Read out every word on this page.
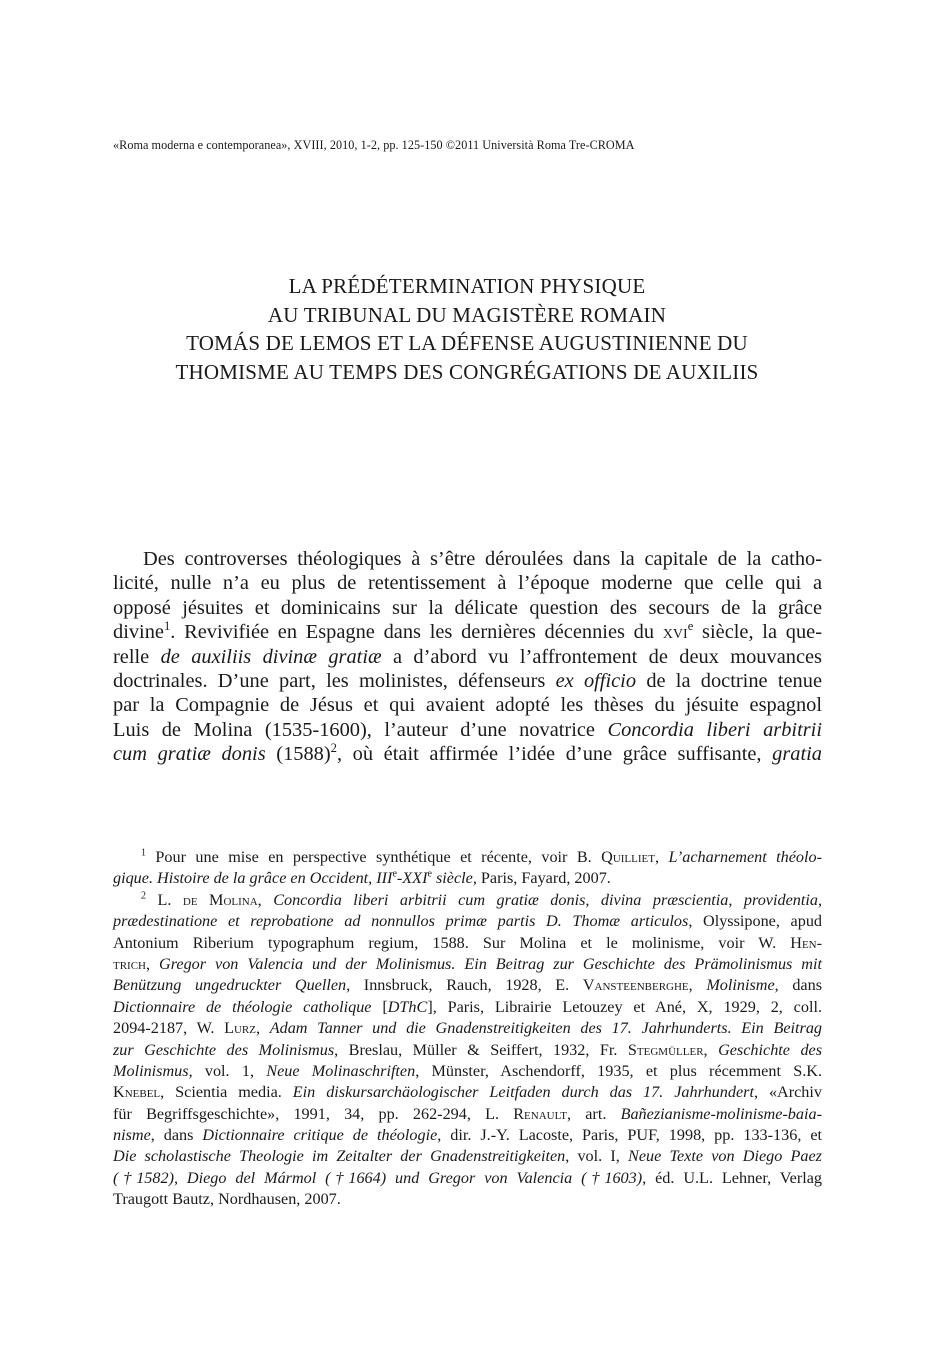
«Roma moderna e contemporanea», XVIII, 2010, 1-2, pp. 125-150 ©2011 Università Roma Tre-CROMA
LA PRÉDÉTERMINATION PHYSIQUE
AU TRIBUNAL DU MAGISTÈRE ROMAIN
TOMÁS DE LEMOS ET LA DÉFENSE AUGUSTINIENNE DU
THOMISME AU TEMPS DES CONGRÉGATIONS DE AUXILIIS
Des controverses théologiques à s’être déroulées dans la capitale de la catho-
licité, nulle n’a eu plus de retentissement à l’époque moderne que celle qui a
opposé jésuites et dominicains sur la délicate question des secours de la grâce
divine$^1$. Revivifiée en Espagne dans les dernières décennies du xvi$^e$ siècle, la que-
relle de auxiliis divinæ gratiæ a d’abord vu l’affrontement de deux mouvances
doctrinales. D’une part, les molinistes, défenseurs ex officio de la doctrine tenue
par la Compagnie de Jésus et qui avaient adopté les thèses du jésuite espagnol
Luis de Molina (1535-1600), l’auteur d’une novatrice Concordia liberi arbitrii
cum gratiæ donis $(1588)^2$, où était affirmée l’idée d’une grâce suffisante, gratia
$^1$ Pour une mise en perspective synthétique et récente, voir B. Quilliet, L’acharnement théolo-
gique. Histoire de la grâce en Occident, IIIe-XXIe siècle, Paris, Fayard, 2007.
$^2$ L. de Molina, Concordia liberi arbitrii cum gratiæ donis, divina præscientia, providentia,
prædestinatione et reprobatione ad nonnullos primæ partis D. Thomæ articulos, Olyssipone, apud
Antonium Riberium typographum regium, 1588. Sur Molina et le molinisme, voir W. Hen-
trich, Gregor von Valencia und der Molinismus. Ein Beitrag zur Geschichte des Prämolinismus mit
Benützung ungedruckter Quellen, Innsbruck, Rauch, 1928, E. Vansteenberghe, Molinisme, dans
Dictionnaire de théologie catholique [DThC], Paris, Librairie Letouzey et Ané, X, 1929, 2, coll.
2094-2187, W. Lurz, Adam Tanner und die Gnadenstreitigkeiten des 17. Jahrhunderts. Ein Beitrag
zur Geschichte des Molinismus, Breslau, Müller & Seiffert, 1932, Fr. Stegmüller, Geschichte des
Molinismus, vol. 1, Neue Molinaschriften, Münster, Aschendorff, 1935, et plus récemment S.K.
Knebel, Scientia media. Ein diskursarchäologischer Leitfaden durch das 17. Jahrhundert, «Archiv
für Begriffsgeschichte», 1991, 34, pp. 262-294, L. Renault, art. Bañezianisme-molinisme-baia-
nisme, dans Dictionnaire critique de théologie, dir. J.-Y. Lacoste, Paris, PUF, 1998, pp. 133-136, et
Die scholastische Theologie im Zeitalter der Gnadenstreitigkeiten, vol. I, Neue Texte von Diego Paez
(†1582), Diego del Mármol (†1664) und Gregor von Valencia (†1603), éd. U.L. Lehner, Verlag
Traugott Bautz, Nordhausen, 2007.
